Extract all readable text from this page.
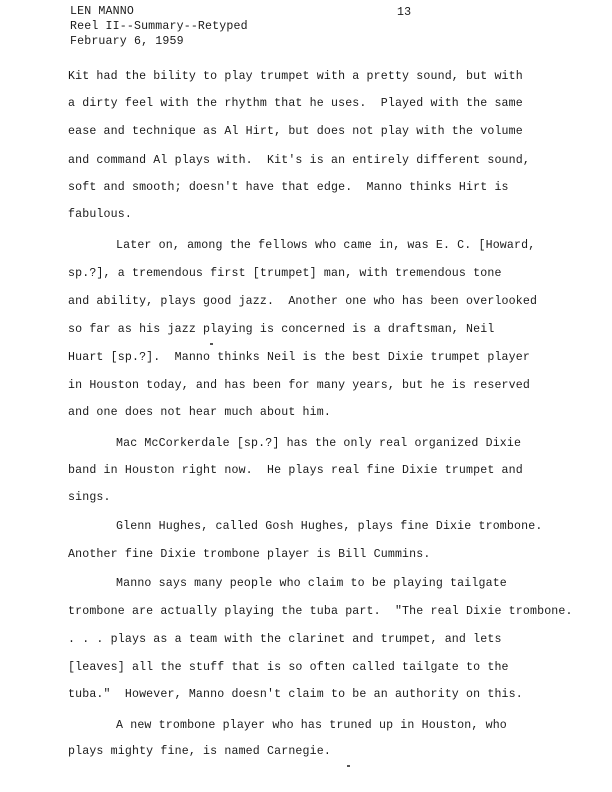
LEN MANNO
Reel II--Summary--Retyped
February 6, 1959
13
Kit had the bility to play trumpet with a pretty sound, but with
a dirty feel with the rhythm that he uses.  Played with the same
ease and technique as Al Hirt, but does not play with the volume
and command Al plays with.  Kit's is an entirely different sound,
soft and smooth; doesn't have that edge.  Manno thinks Hirt is
fabulous.
Later on, among the fellows who came in, was E. C. [Howard,
sp.?], a tremendous first [trumpet] man, with tremendous tone
and ability, plays good jazz.  Another one who has been overlooked
so far as his jazz playing is concerned is a draftsman, Neil
Huart [sp.?].  Manno thinks Neil is the best Dixie trumpet player
in Houston today, and has been for many years, but he is reserved
and one does not hear much about him.
Mac McCorkerdale [sp.?] has the only real organized Dixie
band in Houston right now.  He plays real fine Dixie trumpet and
sings.
Glenn Hughes, called Gosh Hughes, plays fine Dixie trombone.
Another fine Dixie trombone player is Bill Cummins.
Manno says many people who claim to be playing tailgate
trombone are actually playing the tuba part.  "The real Dixie trombone.
. . . plays as a team with the clarinet and trumpet, and lets
[leaves] all the stuff that is so often called tailgate to the
tuba."  However, Manno doesn't claim to be an authority on this.
A new trombone player who has truned up in Houston, who
plays mighty fine, is named Carnegie.
